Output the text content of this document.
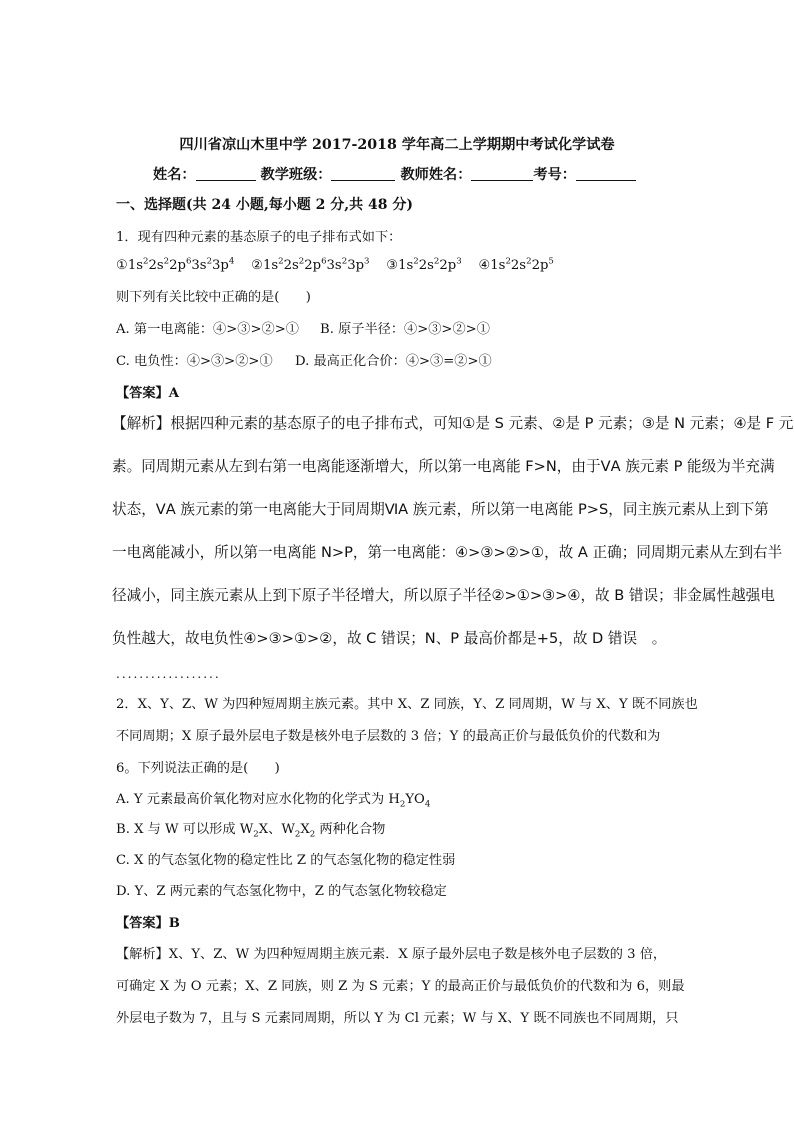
四川省凉山木里中学 2017-2018 学年高二上学期期中考试化学试卷
姓名：	教学班级：	教师姓名：	考号：
一、选择题(共 24 小题,每小题 2 分,共 48 分)
1．现有四种元素的基态原子的电子排布式如下：
$①1s^22s^22p^63s^23p^4$ $②1s^22s^22p^63s^23p^3$ $③1s^22s^22p^3$ $④1s^22s^22p^5$
则下列有关比较中正确的是(　　)
A. 第一电离能：④>③>②>① B. 原子半径：④>③>②>①
C. 电负性：④>③>②>① D. 最高正化合价：④>③=②>①
【答案】A
【解析】根据四种元素的基态原子的电子排布式，可知①是 S 元素、②是 P 元素；③是 N 元素；④是 F 元
素。同周期元素从左到右第一电离能逐渐增大，所以第一电离能 F>N，由于ⅤA 族元素 P 能级为半充满
状态，ⅤA 族元素的第一电离能大于同周期ⅥA 族元素，所以第一电离能 P>S，同主族元素从上到下第
一电离能减小，所以第一电离能 N>P，第一电离能：④>③>②>①，故 A 正确；同周期元素从左到右半
径减小，同主族元素从上到下原子半径增大，所以原子半径②>①>③>④，故 B 错误；非金属性越强电
负性越大，故电负性④>③>①>②，故 C 错误；N、P 最高价都是+5，故 D 错误　。
..................
2．X、Y、Z、W 为四种短周期主族元素。其中 X、Z 同族，Y、Z 同周期，W 与 X、Y 既不同族也
不同周期；X 原子最外层电子数是核外电子层数的 3 倍；Y 的最高正价与最低负价的代数和为
6。下列说法正确的是(　　)
A. Y 元素最高价氧化物对应水化物的化学式为 $H_2YO_4$
B. X 与 W 可以形成 $W_2X$、$W_2X_2$ 两种化合物
C. X 的气态氢化物的稳定性比 Z 的气态氢化物的稳定性弱
D. Y、Z 两元素的气态氢化物中，Z 的气态氢化物较稳定
【答案】B
【解析】X、Y、Z、W 为四种短周期主族元素．X 原子最外层电子数是核外电子层数的 3 倍，
可确定 X 为 O 元素；X、Z 同族，则 Z 为 S 元素；Y 的最高正价与最低负价的代数和为 6，则最
外层电子数为 7，且与 S 元素同周期，所以 Y 为 Cl 元素；W 与 X、Y 既不同族也不同周期，只
